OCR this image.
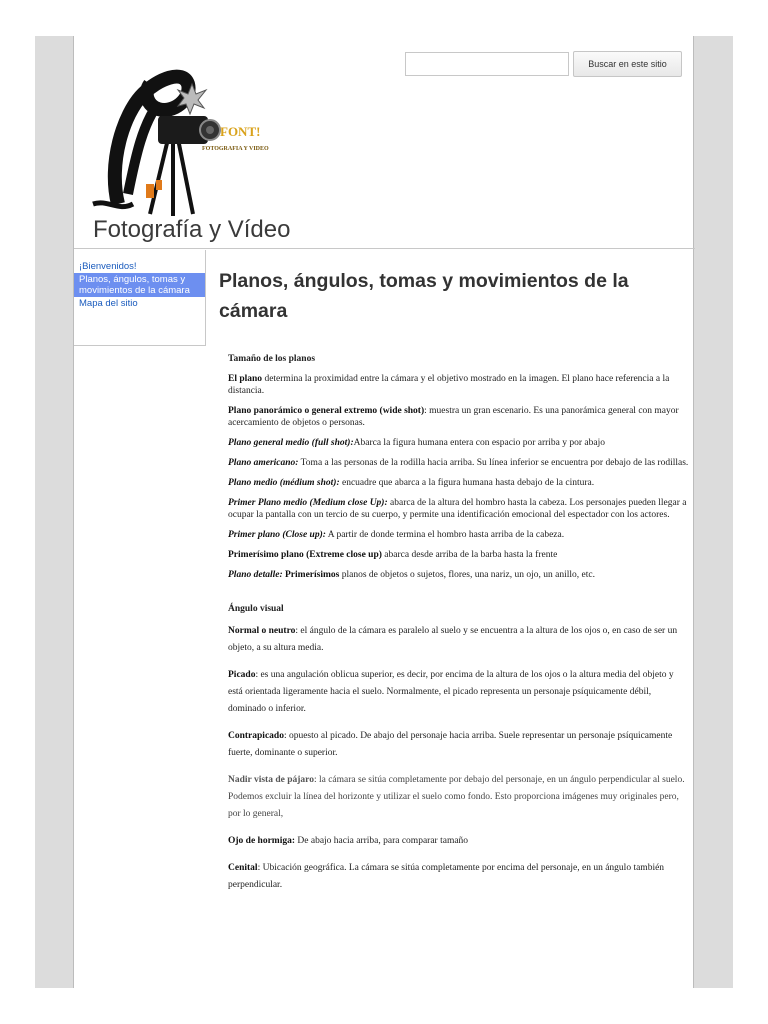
FONT!
FOTOGRAFIA Y VIDEO
Fotografía y Vídeo
Buscar en este sitio
¡Bienvenidos!
Planos, ángulos, tomas y movimientos de la cámara
Mapa del sitio
Planos, ángulos, tomas y movimientos de la cámara

Tamaño de los planos

El plano determina la proximidad entre la cámara y el objetivo mostrado en la imagen. El plano hace referencia a la distancia.

Plano panorámico o general extremo (wide shot): muestra un gran escenario. Es una panorámica general con mayor acercamiento de objetos o personas.

Plano general medio (full shot):Abarca la figura humana entera con espacio por arriba y por abajo

Plano americano: Toma a las personas de la rodilla hacia arriba. Su línea inferior se encuentra por debajo de las rodillas.

Plano medio (médium shot): encuadre que abarca a la figura humana hasta debajo de la cintura.

Primer Plano medio (Medium close Up): abarca de la altura del hombro hasta la cabeza. Los personajes pueden llegar a ocupar la pantalla con un tercio de su cuerpo, y permite una identificación emocional del espectador con los actores.

Primer plano (Close up): A partir de donde termina el hombro hasta arriba de la cabeza.

Primerísimo plano (Extreme close up) abarca desde arriba de la barba hasta la frente

Plano detalle: Primerísimos planos de objetos o sujetos, flores, una nariz, un ojo, un anillo, etc.

Ángulo visual

Normal o neutro: el ángulo de la cámara es paralelo al suelo y se encuentra a la altura de los ojos o, en caso de ser un objeto, a su altura media.

Picado: es una angulación oblicua superior, es decir, por encima de la altura de los ojos o la altura media del objeto y está orientada ligeramente hacia el suelo. Normalmente, el picado representa un personaje psíquicamente débil, dominado o inferior.

Contrapicado: opuesto al picado. De abajo del personaje hacia arriba. Suele representar un personaje psíquicamente fuerte, dominante o superior.

Nadir vista de pájaro: la cámara se sitúa completamente por debajo del personaje, en un ángulo perpendicular al suelo. Podemos excluir la línea del horizonte y utilizar el suelo como fondo. Esto proporciona imágenes muy originales pero, por lo general,

Ojo de hormiga: De abajo hacia arriba, para comparar tamaño

Cenital: Ubicación geográfica. La cámara se sitúa completamente por encima del personaje, en un ángulo también perpendicular.
